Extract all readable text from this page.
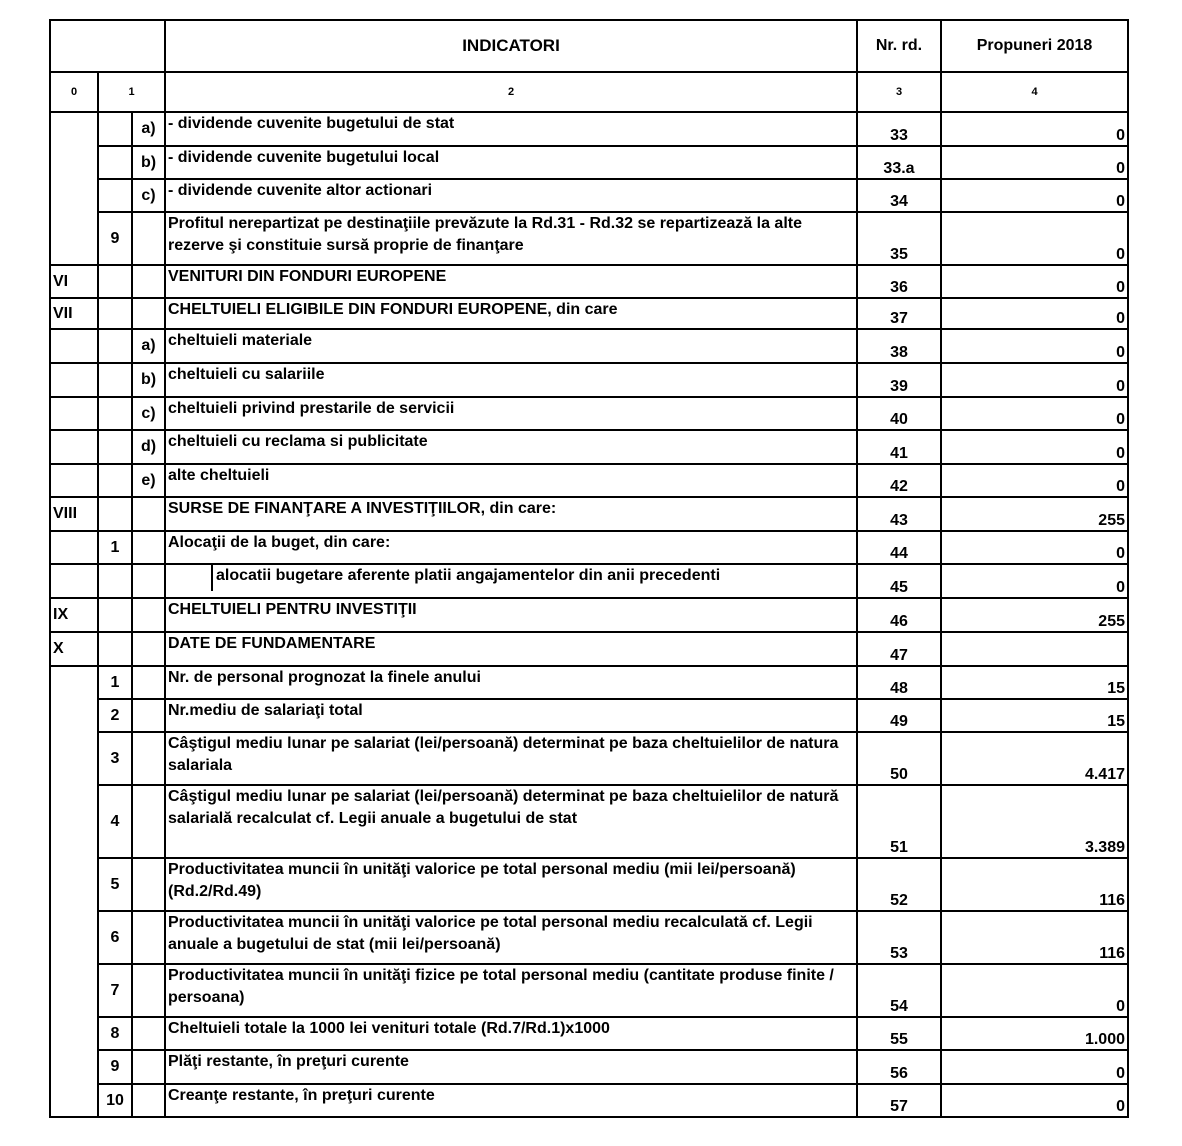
			INDICATORI	Nr. rd.	Propuneri 2018
0	1		2	3	4
		a)	- dividende cuvenite bugetului de stat	33	0
		b)	- dividende cuvenite bugetului local	33.a	0
		c)	- dividende cuvenite altor actionari	34	0
	9		Profitul nerepartizat pe destinaţiile prevăzute la Rd.31 - Rd.32 se repartizează la alte rezerve şi constituie sursă proprie de finanţare	35	0
VI			VENITURI DIN FONDURI EUROPENE	36	0
VII			CHELTUIELI ELIGIBILE DIN FONDURI EUROPENE, din care	37	0
		a)	cheltuieli materiale	38	0
		b)	cheltuieli cu salariile	39	0
		c)	cheltuieli privind prestarile de servicii	40	0
		d)	cheltuieli cu reclama si publicitate	41	0
		e)	alte cheltuieli	42	0
VIII			SURSE DE FINANŢARE A INVESTIŢIILOR, din care:	43	255
	1		Alocaţii de la buget, din care:	44	0
			alocatii bugetare aferente platii angajamentelor din anii precedenti	45	0
IX			CHELTUIELI PENTRU INVESTIŢII	46	255
X			DATE DE FUNDAMENTARE	47	
	1		Nr. de personal prognozat la finele anului	48	15
	2		Nr.mediu de salariaţi total	49	15
	3		Câştigul mediu lunar pe salariat (lei/persoană) determinat pe baza cheltuielilor de natura salariala	50	4.417
	4		Câştigul mediu lunar pe salariat (lei/persoană) determinat pe baza cheltuielilor de natură salarială recalculat cf. Legii anuale a bugetului de stat	51	3.389
	5		Productivitatea muncii în unităţi valorice pe total personal mediu (mii lei/persoană) (Rd.2/Rd.49)	52	116
	6		Productivitatea muncii în unităţi valorice pe total personal mediu recalculată cf. Legii anuale a bugetului de stat (mii lei/persoană)	53	116
	7		Productivitatea muncii în unităţi fizice pe total personal mediu (cantitate produse finite / persoana)	54	0
	8		Cheltuieli totale la 1000 lei venituri totale (Rd.7/Rd.1)x1000	55	1.000
	9		Plăţi restante, în preţuri curente	56	0
	10		Creanţe restante, în preţuri curente	57	0
